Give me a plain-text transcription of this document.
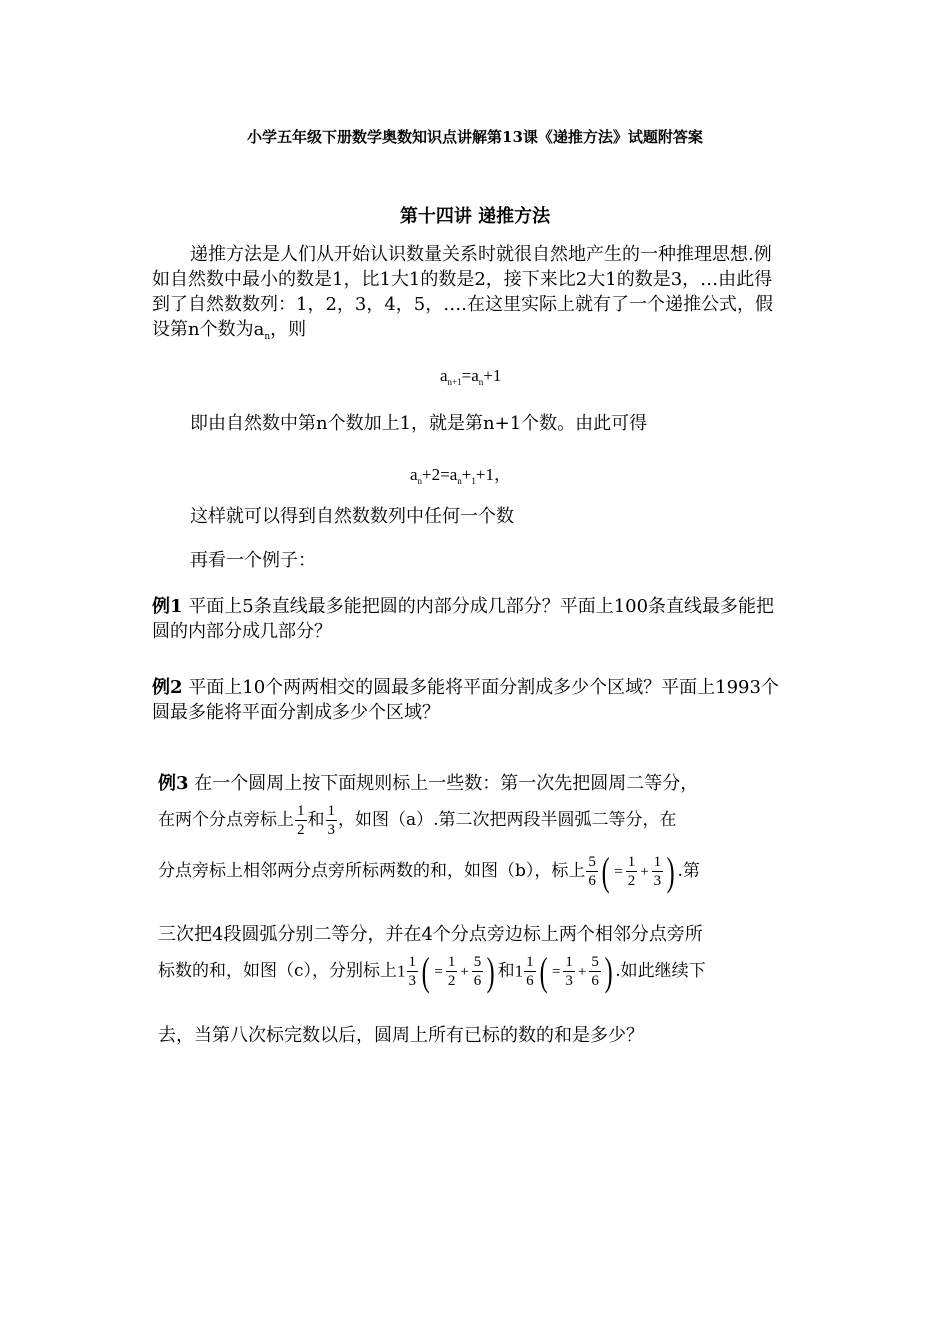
小学五年级下册数学奥数知识点讲解第13课《递推方法》试题附答案
第十四讲 递推方法
递推方法是人们从开始认识数量关系时就很自然地产生的一种推理思想.例
如自然数中最小的数是1，比1大1的数是2，接下来比2大1的数是3，…由此得
到了自然数数列：1，2，3，4，5，….在这里实际上就有了一个递推公式，假
设第n个数为$a_n$，则
$a_{n+1}=a_n+1$
即由自然数中第n个数加上1，就是第n+1个数。由此可得
$a_n+2=a_n+_1+1$，
这样就可以得到自然数数列中任何一个数
再看一个例子：
例1 平面上5条直线最多能把圆的内部分成几部分？平面上100条直线最多能把
圆的内部分成几部分？
例2 平面上10个两两相交的圆最多能将平面分割成多少个区域？平面上1993个
圆最多能将平面分割成多少个区域？
例3 在一个圆周上按下面规则标上一些数：第一次先把圆周二等分，
在两个分点旁标上 $\frac{1}{2}$ 和 $\frac{1}{3}$ ，如图（a）.第二次把两段半圆弧二等分，在
分点旁标上相邻两分点旁所标两数的和，如图（b），标上 $\frac{5}{6}$ ( = $\frac{1}{2} + \frac{1}{3}$ ) .第
三次把4段圆弧分别二等分，并在4个分点旁边标上两个相邻分点旁所
标数的和，如图（c），分别标上$1 \frac{1}{3}$ ( = $\frac{1}{2} + \frac{5}{6}$ ) 和$1 \frac{1}{6}$ ( = $\frac{1}{3} + \frac{5}{6}$ ) .如此继续下
去，当第八次标完数以后，圆周上所有已标的数的和是多少？
